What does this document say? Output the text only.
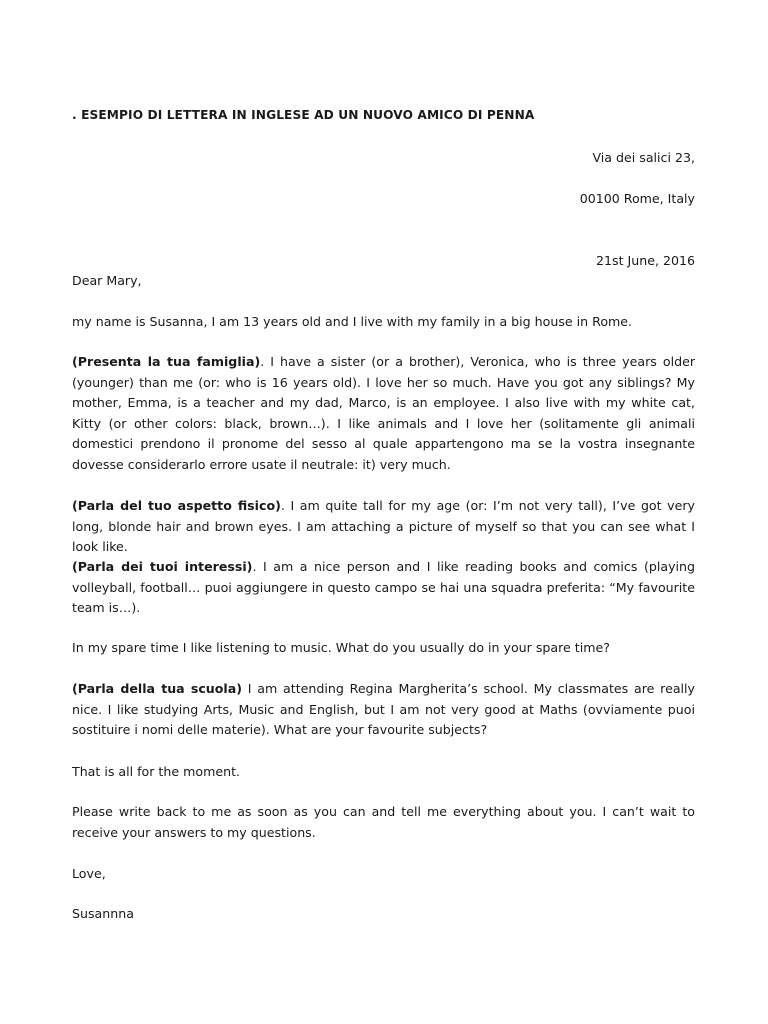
. ESEMPIO DI LETTERA IN INGLESE AD UN NUOVO AMICO DI PENNA
Via dei salici 23,
00100 Rome, Italy
21st June, 2016
Dear Mary,
my name is Susanna, I am 13 years old and I live with my family in a big house in Rome.
(Presenta la tua famiglia). I have a sister (or a brother), Veronica, who is three years older (younger) than me (or: who is 16 years old). I love her so much. Have you got any siblings? My mother, Emma, is a teacher and my dad, Marco, is an employee. I also live with my white cat, Kitty (or other colors: black, brown…). I like animals and I love her (solitamente gli animali domestici prendono il pronome del sesso al quale appartengono ma se la vostra insegnante dovesse considerarlo errore usate il neutrale: it) very much.
(Parla del tuo aspetto fisico). I am quite tall for my age (or: I’m not very tall), I’ve got very long, blonde hair and brown eyes. I am attaching a picture of myself so that you can see what I look like.
(Parla dei tuoi interessi). I am a nice person and I like reading books and comics (playing volleyball, football… puoi aggiungere in questo campo se hai una squadra preferita: “My favourite team is…).
In my spare time I like listening to music. What do you usually do in your spare time?
(Parla della tua scuola) I am attending Regina Margherita’s school. My classmates are really nice. I like studying Arts, Music and English, but I am not very good at Maths (ovviamente puoi sostituire i nomi delle materie). What are your favourite subjects?
That is all for the moment.
Please write back to me as soon as you can and tell me everything about you. I can’t wait to receive your answers to my questions.
Love,
Susannna
